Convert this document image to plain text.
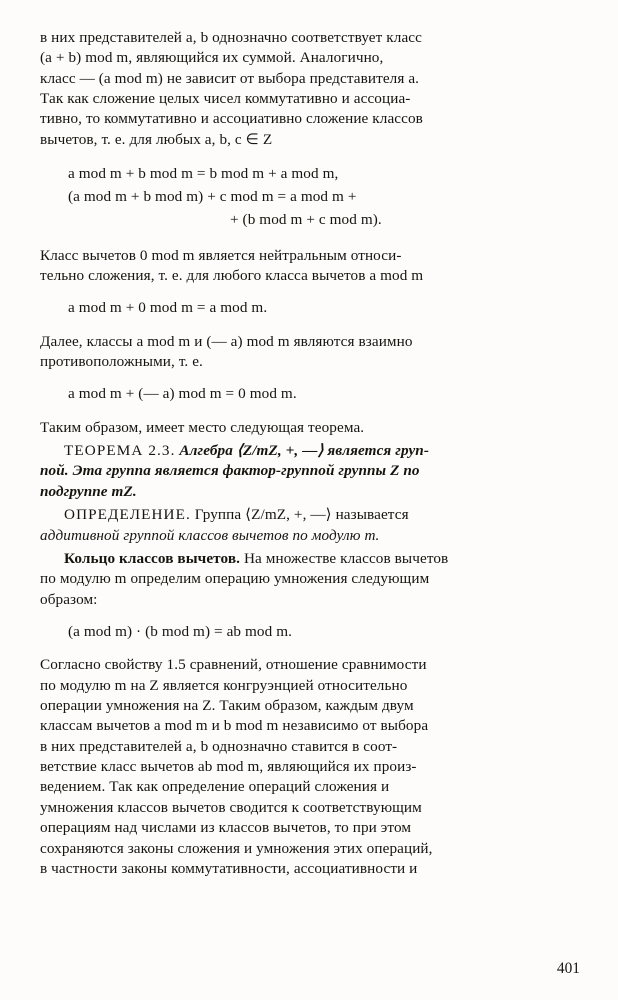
в них представителей a, b однозначно соответствует класс

(a + b) mod m, являющийся их суммой. Аналогично,

класс — (a mod m) не зависит от выбора представителя a.

Так как сложение целых чисел коммутативно и ассоциа-

тивно, то коммутативно и ассоциативно сложение классов

вычетов, т. е. для любых a, b, c ∈ Z

a mod m + b mod m = b mod m + a mod m,
(a mod m + b mod m) + c mod m = a mod m +
+ (b mod m + c mod m).

Класс вычетов 0 mod m является нейтральным относи-

тельно сложения, т. е. для любого класса вычетов a mod m

a mod m + 0 mod m = a mod m.

Далее, классы a mod m и (— a) mod m являются взаимно

противоположными, т. е.

a mod m + (— a) mod m = 0 mod m.

Таким образом, имеет место следующая теорема.

ТЕОРЕМА 2.3. Алгебра ⟨Z/mZ, +, —⟩ является груп-

пой. Эта группа является фактор-группой группы Z по

подгруппе mZ.

ОПРЕДЕЛЕНИЕ. Группа ⟨Z/mZ, +, —⟩ называется

аддитивной группой классов вычетов по модулю m.

Кольцо классов вычетов. На множестве классов вычетов

по модулю m определим операцию умножения следующим

образом:

(a mod m) · (b mod m) = ab mod m.

Согласно свойству 1.5 сравнений, отношение сравнимости

по модулю m на Z является конгруэнцией относительно

операции умножения на Z. Таким образом, каждым двум

классам вычетов a mod m и b mod m независимо от выбора

в них представителей a, b однозначно ставится в соот-

ветствие класс вычетов ab mod m, являющийся их произ-

ведением. Так как определение операций сложения и

умножения классов вычетов сводится к соответствующим

операциям над числами из классов вычетов, то при этом

сохраняются законы сложения и умножения этих операций,

в частности законы коммутативности, ассоциативности и

401
